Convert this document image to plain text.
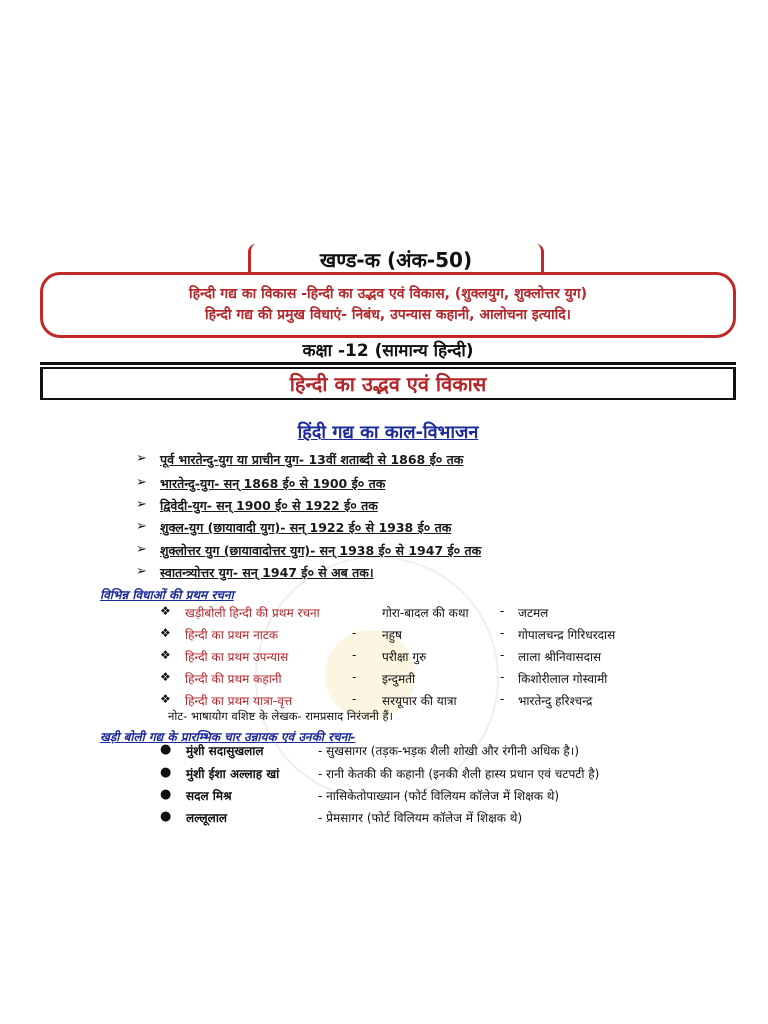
खण्ड-क (अंक-50)
हिन्दी गद्य का विकास -हिन्दी का उद्भव एवं विकास, (शुक्लयुग, शुक्लोत्तर युग)
हिन्दी गद्य की प्रमुख विधाएं- निबंध, उपन्यास कहानी, आलोचना इत्यादि।
कक्षा -12 (सामान्य हिन्दी)
हिन्दी का उद्भव एवं विकास
हिंदी गद्य का काल-विभाजन
➢ पूर्व भारतेन्दु-युग या प्राचीन युग- 13वीं शताब्दी से 1868 ई० तक
➢ भारतेन्दु-युग- सन् 1868 ई० से 1900 ई० तक
➢ द्विवेदी-युग- सन् 1900 ई० से 1922 ई० तक
➢ शुक्ल-युग (छायावादी युग)- सन् 1922 ई० से 1938 ई० तक
➢ शुक्लोत्तर युग (छायावादोत्तर युग)- सन् 1938 ई० से 1947 ई० तक
➢ स्वातन्त्र्योत्तर युग- सन् 1947 ई० से अब तक।
विभिन्न विधाओं की प्रथम रचना
❖ खड़ीबोली हिन्दी की प्रथम रचना	गोरा-बादल की कथा	- जटमल
❖ हिन्दी का प्रथम नाटक	- नहुष	- गोपालचन्द्र गिरिधरदास
❖ हिन्दी का प्रथम उपन्यास	- परीक्षा गुरु	- लाला श्रीनिवासदास
❖ हिन्दी की प्रथम कहानी	- इन्दुमती	- किशोरीलाल गोस्वामी
❖ हिन्दी का प्रथम यात्रा-वृत्त	- सरयूपार की यात्रा	- भारतेन्दु हरिश्चन्द्र
नोट- भाषायोग वशिष्ट के लेखक- रामप्रसाद निरंजनी हैं।
खड़ी बोली गद्य के प्रारम्भिक चार उन्नायक एवं उनकी रचना-
● मुंशी सदासुखलाल	- सुखसागर (तड़क-भड़क शैली शोखी और रंगीनी अधिक है।)
● मुंशी ईशा अल्लाह खां	- रानी केतकी की कहानी (इनकी शैली हास्य प्रधान एवं चटपटी है)
● सदल मिश्र	- नासिकेतोपाख्यान (फोर्ट विलियम कॉलेज में शिक्षक थे)
● लल्लूलाल	- प्रेमसागर (फोर्ट विलियम कॉलेज में शिक्षक थे)
